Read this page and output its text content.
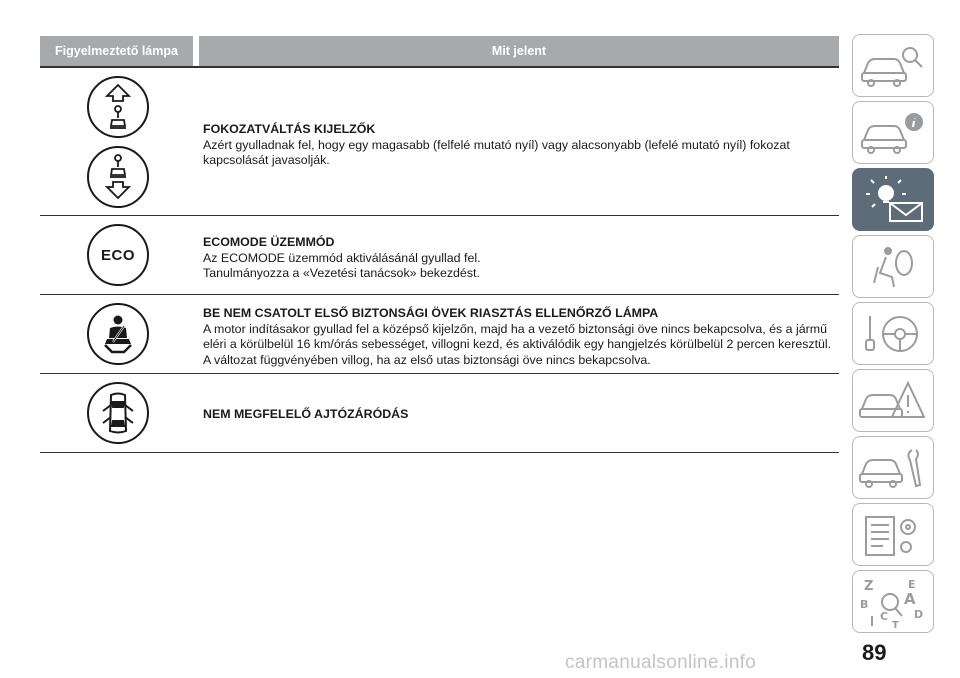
Figyelmeztető lámpa	Mit jelent
FOKOZATVÁLTÁS KIJELZŐK

Azért gyulladnak fel, hogy egy magasabb (felfelé mutató nyíl) vagy alacsonyabb (lefelé mutató nyíl) fokozat kapcsolását javasolják.

ECO
ECOMODE ÜZEMMÓD

Az ECOMODE üzemmód aktiválásánál gyullad fel.

Tanulmányozza a «Vezetési tanácsok» bekezdést.

BE NEM CSATOLT ELSŐ BIZTONSÁGI ÖVEK RIASZTÁS ELLENŐRZŐ LÁMPA

A motor indításakor gyullad fel a középső kijelzőn, majd ha a vezető biztonsági öve nincs bekapcsolva, és a jármű eléri a körülbelül 16 km/órás sebességet, villogni kezd, és aktiválódik egy hangjelzés körülbelül 2 percen keresztül.

A változat függvényében villog, ha az első utas biztonsági öve nincs bekapcsolva.

NEM MEGFELELŐ AJTÓZÁRÓDÁS
Z	E
A
B
C D
T
89
carmanualsonline.info
